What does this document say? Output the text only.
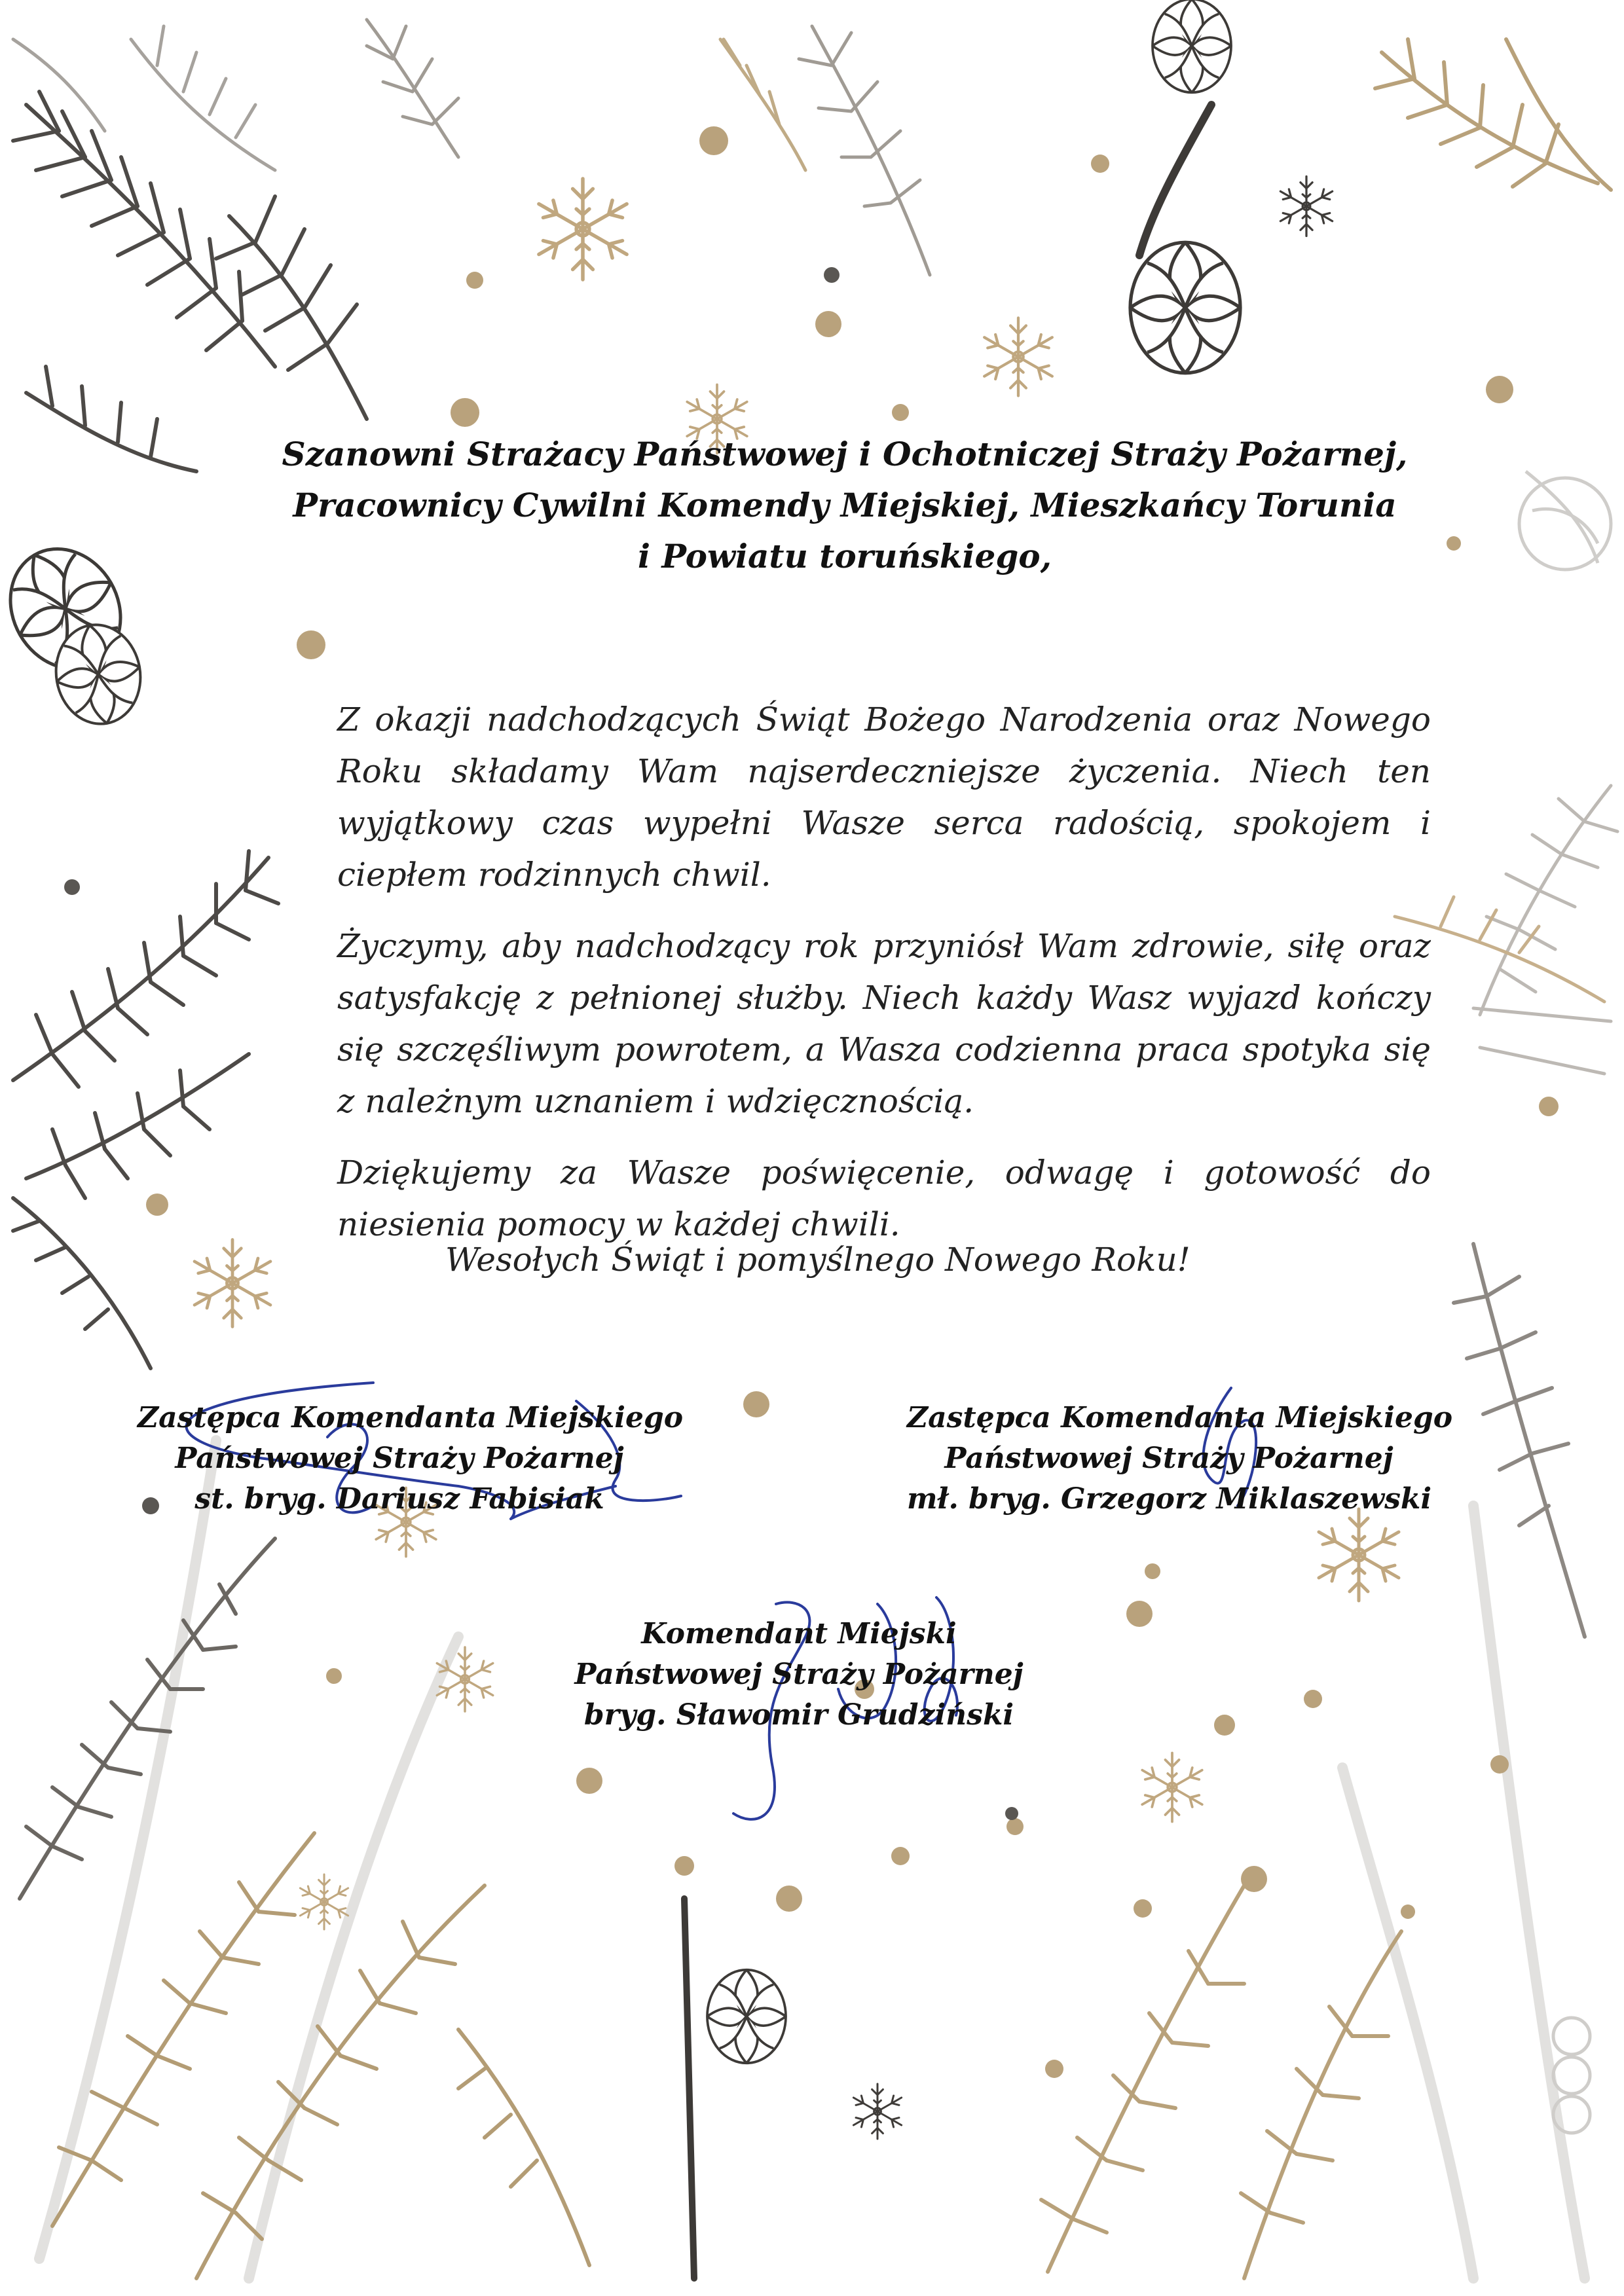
Szanowni Strażacy Państwowej i Ochotniczej Straży Pożarnej,
Pracownicy Cywilni Komendy Miejskiej, Mieszkańcy Torunia
i Powiatu toruńskiego,

Z okazji nadchodzących Świąt Bożego Narodzenia oraz Nowego Roku składamy Wam najserdeczniejsze życzenia. Niech ten wyjątkowy czas wypełni Wasze serca radością, spokojem i ciepłem rodzinnych chwil.

Życzymy, aby nadchodzący rok przyniósł Wam zdrowie, siłę oraz satysfakcję z pełnionej służby. Niech każdy Wasz wyjazd kończy się szczęśliwym powrotem, a Wasza codzienna praca spotyka się z należnym uznaniem i wdzięcznością.

Dziękujemy za Wasze poświęcenie, odwagę i gotowość do niesienia pomocy w każdej chwili.

Wesołych Świąt i pomyślnego Nowego Roku!
Zastępca Komendanta Miejskiego
Państwowej Straży Pożarnej
st. bryg. Dariusz Fabisiak
Zastępca Komendanta Miejskiego
Państwowej Straży Pożarnej
mł. bryg. Grzegorz Miklaszewski
Komendant Miejski
Państwowej Straży Pożarnej
bryg. Sławomir Grudziński
